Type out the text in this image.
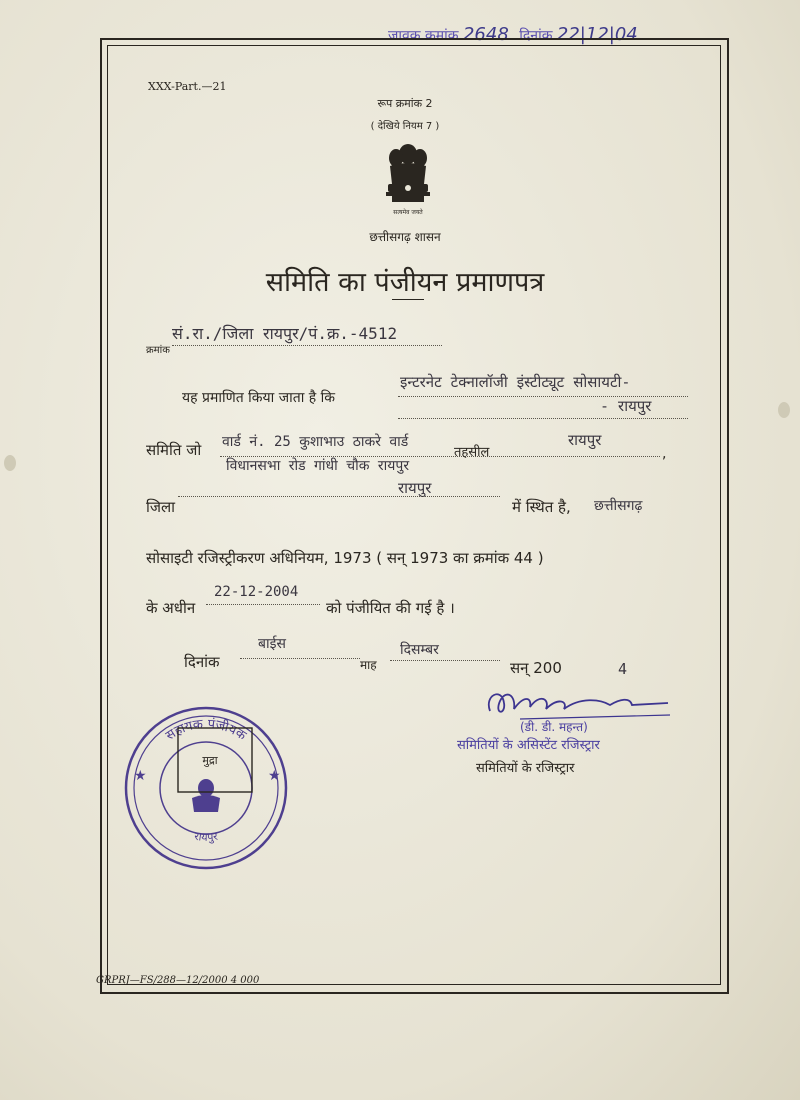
जावक क्रमांक 2648 दिनांक 22|12|04
XXX-Part.—21
रूप क्रमांक 2
( देखिये नियम 7 )
सत्यमेव जयते
छत्तीसगढ़ शासन
समिति का पंजीयन प्रमाणपत्र
सं.रा./जिला रायपुर/पं.क्र.-4512
क्रमांक
यह प्रमाणित किया जाता है कि
इन्टरनेट टेक्नालॉजी इंस्टीट्यूट सोसायटी-
- रायपुर
समिति जो वार्ड नं. 25 कुशाभाउ ठाकरे वार्ड
तहसील
रायपुर
,
विधानसभा रोड गांधी चौक रायपुर
जिला
रायपुर
में स्थित है, छत्तीसगढ़
सोसाइटी रजिस्ट्रीकरण अधिनियम, 1973 ( सन् 1973 का क्रमांक 44 )
के अधीन
22-12-2004
को पंजीयित की गई है ।
दिनांक
बाईस
माह
दिसम्बर
सन् 200	4
(डी. डी. महन्त)
समितियों के असिस्टेंट रजिस्ट्रार
समितियों के रजिस्ट्रार
सहायक पंजीयक
रायपुर
★	★
मुद्रा
GRPRJ—FS/288—12/2000 4 000
